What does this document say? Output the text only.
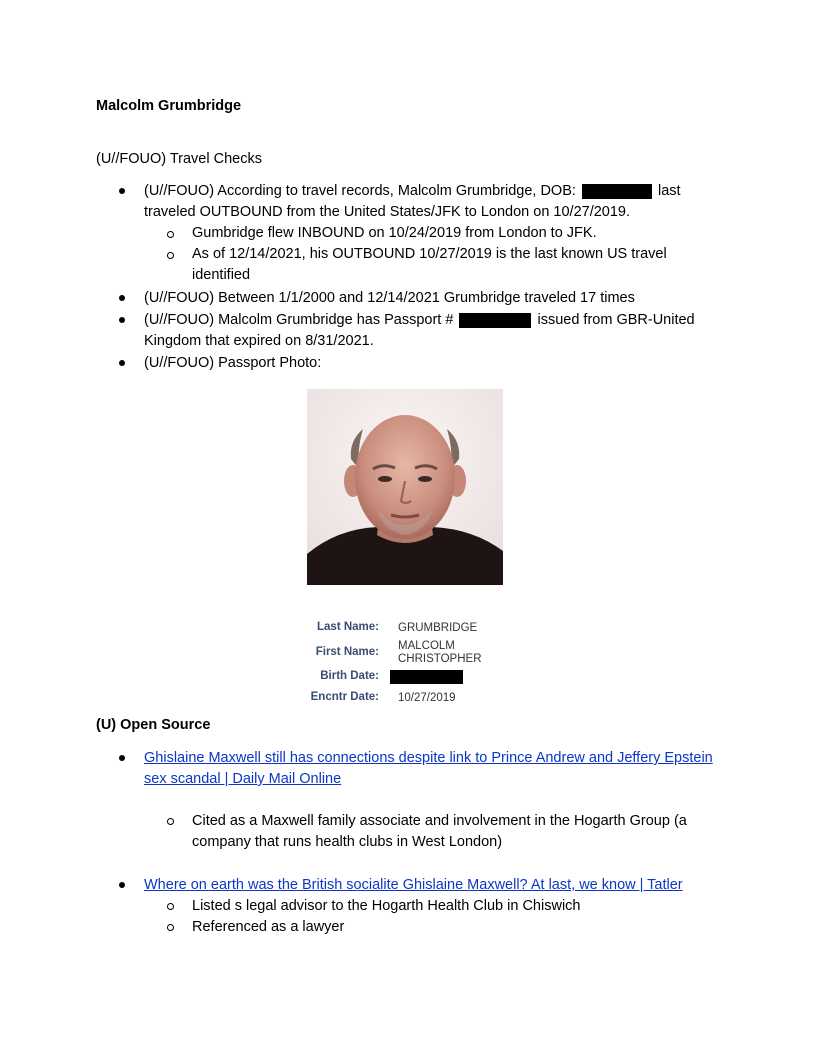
Malcolm Grumbridge
(U//FOUO) Travel Checks
(U//FOUO) According to travel records, Malcolm Grumbridge, DOB:	last
traveled OUTBOUND from the United States/JFK to London on 10/27/2019.
Gumbridge flew INBOUND on 10/24/2019 from London to JFK.
As of 12/14/2021, his OUTBOUND 10/27/2019 is the last known US travel
identified
(U//FOUO) Between 1/1/2000 and 12/14/2021 Grumbridge traveled 17 times
(U//FOUO) Malcolm Grumbridge has Passport #	issued from GBR-United
Kingdom that expired on 8/31/2021.
(U//FOUO) Passport Photo:
Last Name: GRUMBRIDGE
First Name: MALCOLM
CHRISTOPHER
Birth Date:
Encntr Date: 10/27/2019
(U) Open Source
Ghislaine Maxwell still has connections despite link to Prince Andrew and Jeffery Epstein
sex scandal | Daily Mail Online
Cited as a Maxwell family associate and involvement in the Hogarth Group (a
company that runs health clubs in West London)
Where on earth was the British socialite Ghislaine Maxwell? At last, we know | Tatler
Listed s legal advisor to the Hogarth Health Club in Chiswich
Referenced as a lawyer
